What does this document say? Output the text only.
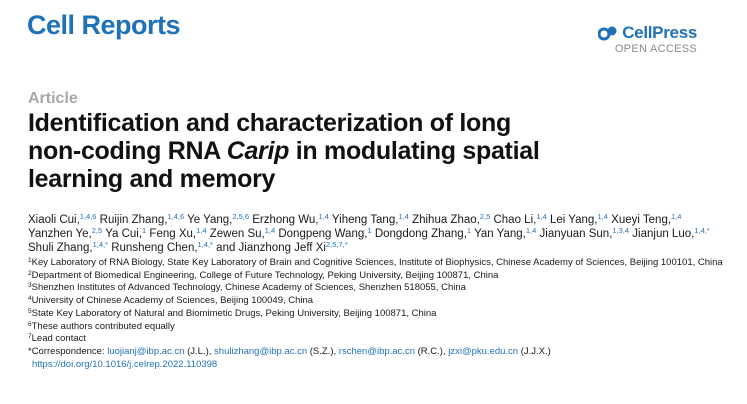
Cell Reports	CellPress
OPEN ACCESS
Article
Identification and characterization of long non-coding RNA Carip in modulating spatial learning and memory
Xiaoli Cui,$^{1,4,6}$ Ruijin Zhang,$^{1,4,6}$ Ye Yang,$^{2,5,6}$ Erzhong Wu,$^{1,4}$ Yiheng Tang,$^{1,4}$ Zhihua Zhao,$^{2,5}$ Chao Li,$^{1,4}$ Lei Yang,$^{1,4}$ Xueyi Teng,$^{1,4}$ Yanzhen Ye,$^{2,5}$ Ya Cui,$^1$ Feng Xu,$^{1,4}$ Zewen Su,$^{1,4}$ Dongpeng Wang,$^1$ Dongdong Zhang,$^1$ Yan Yang,$^{1,4}$ Jianyuan Sun,$^{1,3,4}$ Jianjun Luo,$^{1,4,*}$ Shuli Zhang,$^{1,4,*}$ Runsheng Chen,$^{1,4,*}$ and Jianzhong Jeff $Xi^{2,5,7,*}$
$^1$Key Laboratory of RNA Biology, State Key Laboratory of Brain and Cognitive Sciences, Institute of Biophysics, Chinese Academy of Sciences, Beijing 100101, China
$^2$Department of Biomedical Engineering, College of Future Technology, Peking University, Beijing 100871, China
$^3$Shenzhen Institutes of Advanced Technology, Chinese Academy of Sciences, Shenzhen 518055, China
$^4$University of Chinese Academy of Sciences, Beijing 100049, China
$^5$State Key Laboratory of Natural and Biomimetic Drugs, Peking University, Beijing 100871, China
$^6$These authors contributed equally
$^7$Lead contact
*Correspondence: luojianj@ibp.ac.cn (J.L.), shulizhang@ibp.ac.cn (S.Z.), rschen@ibp.ac.cn (R.C.), jzxi@pku.edu.cn (J.J.X.)
https://doi.org/10.1016/j.celrep.2022.110398
